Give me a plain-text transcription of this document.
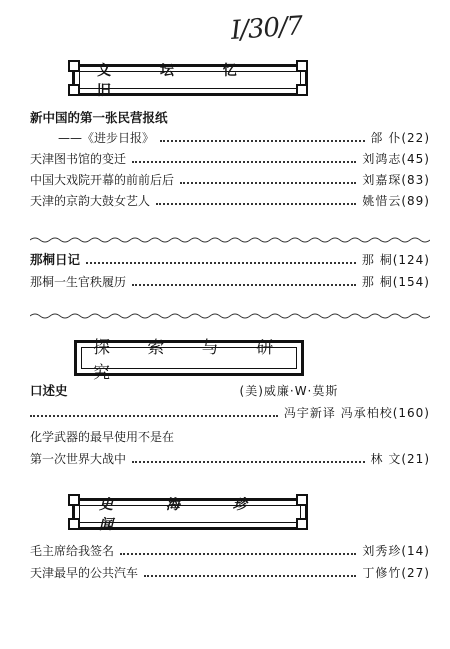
I/30/7
文 坛 忆 旧
新中国的第一张民营报纸
——《进步日报》	郃 仆(22)
天津图书馆的变迁	刘鸿志(45)
中国大戏院开幕的前前后后	刘嘉琛(83)
天津的京韵大鼓女艺人	姚惜云(89)
那桐日记	那 桐(124)
那桐一生官秩履历	那 桐(154)
探 索 与 研 究
口述史	(美)威廉·W·莫斯
冯宇新译 冯承柏校(160)
化学武器的最早使用不是在
第一次世界大战中	林 文(21)
史 海 珍 闻
毛主席给我签名	刘秀珍(14)
天津最早的公共汽车	丁修竹(27)
